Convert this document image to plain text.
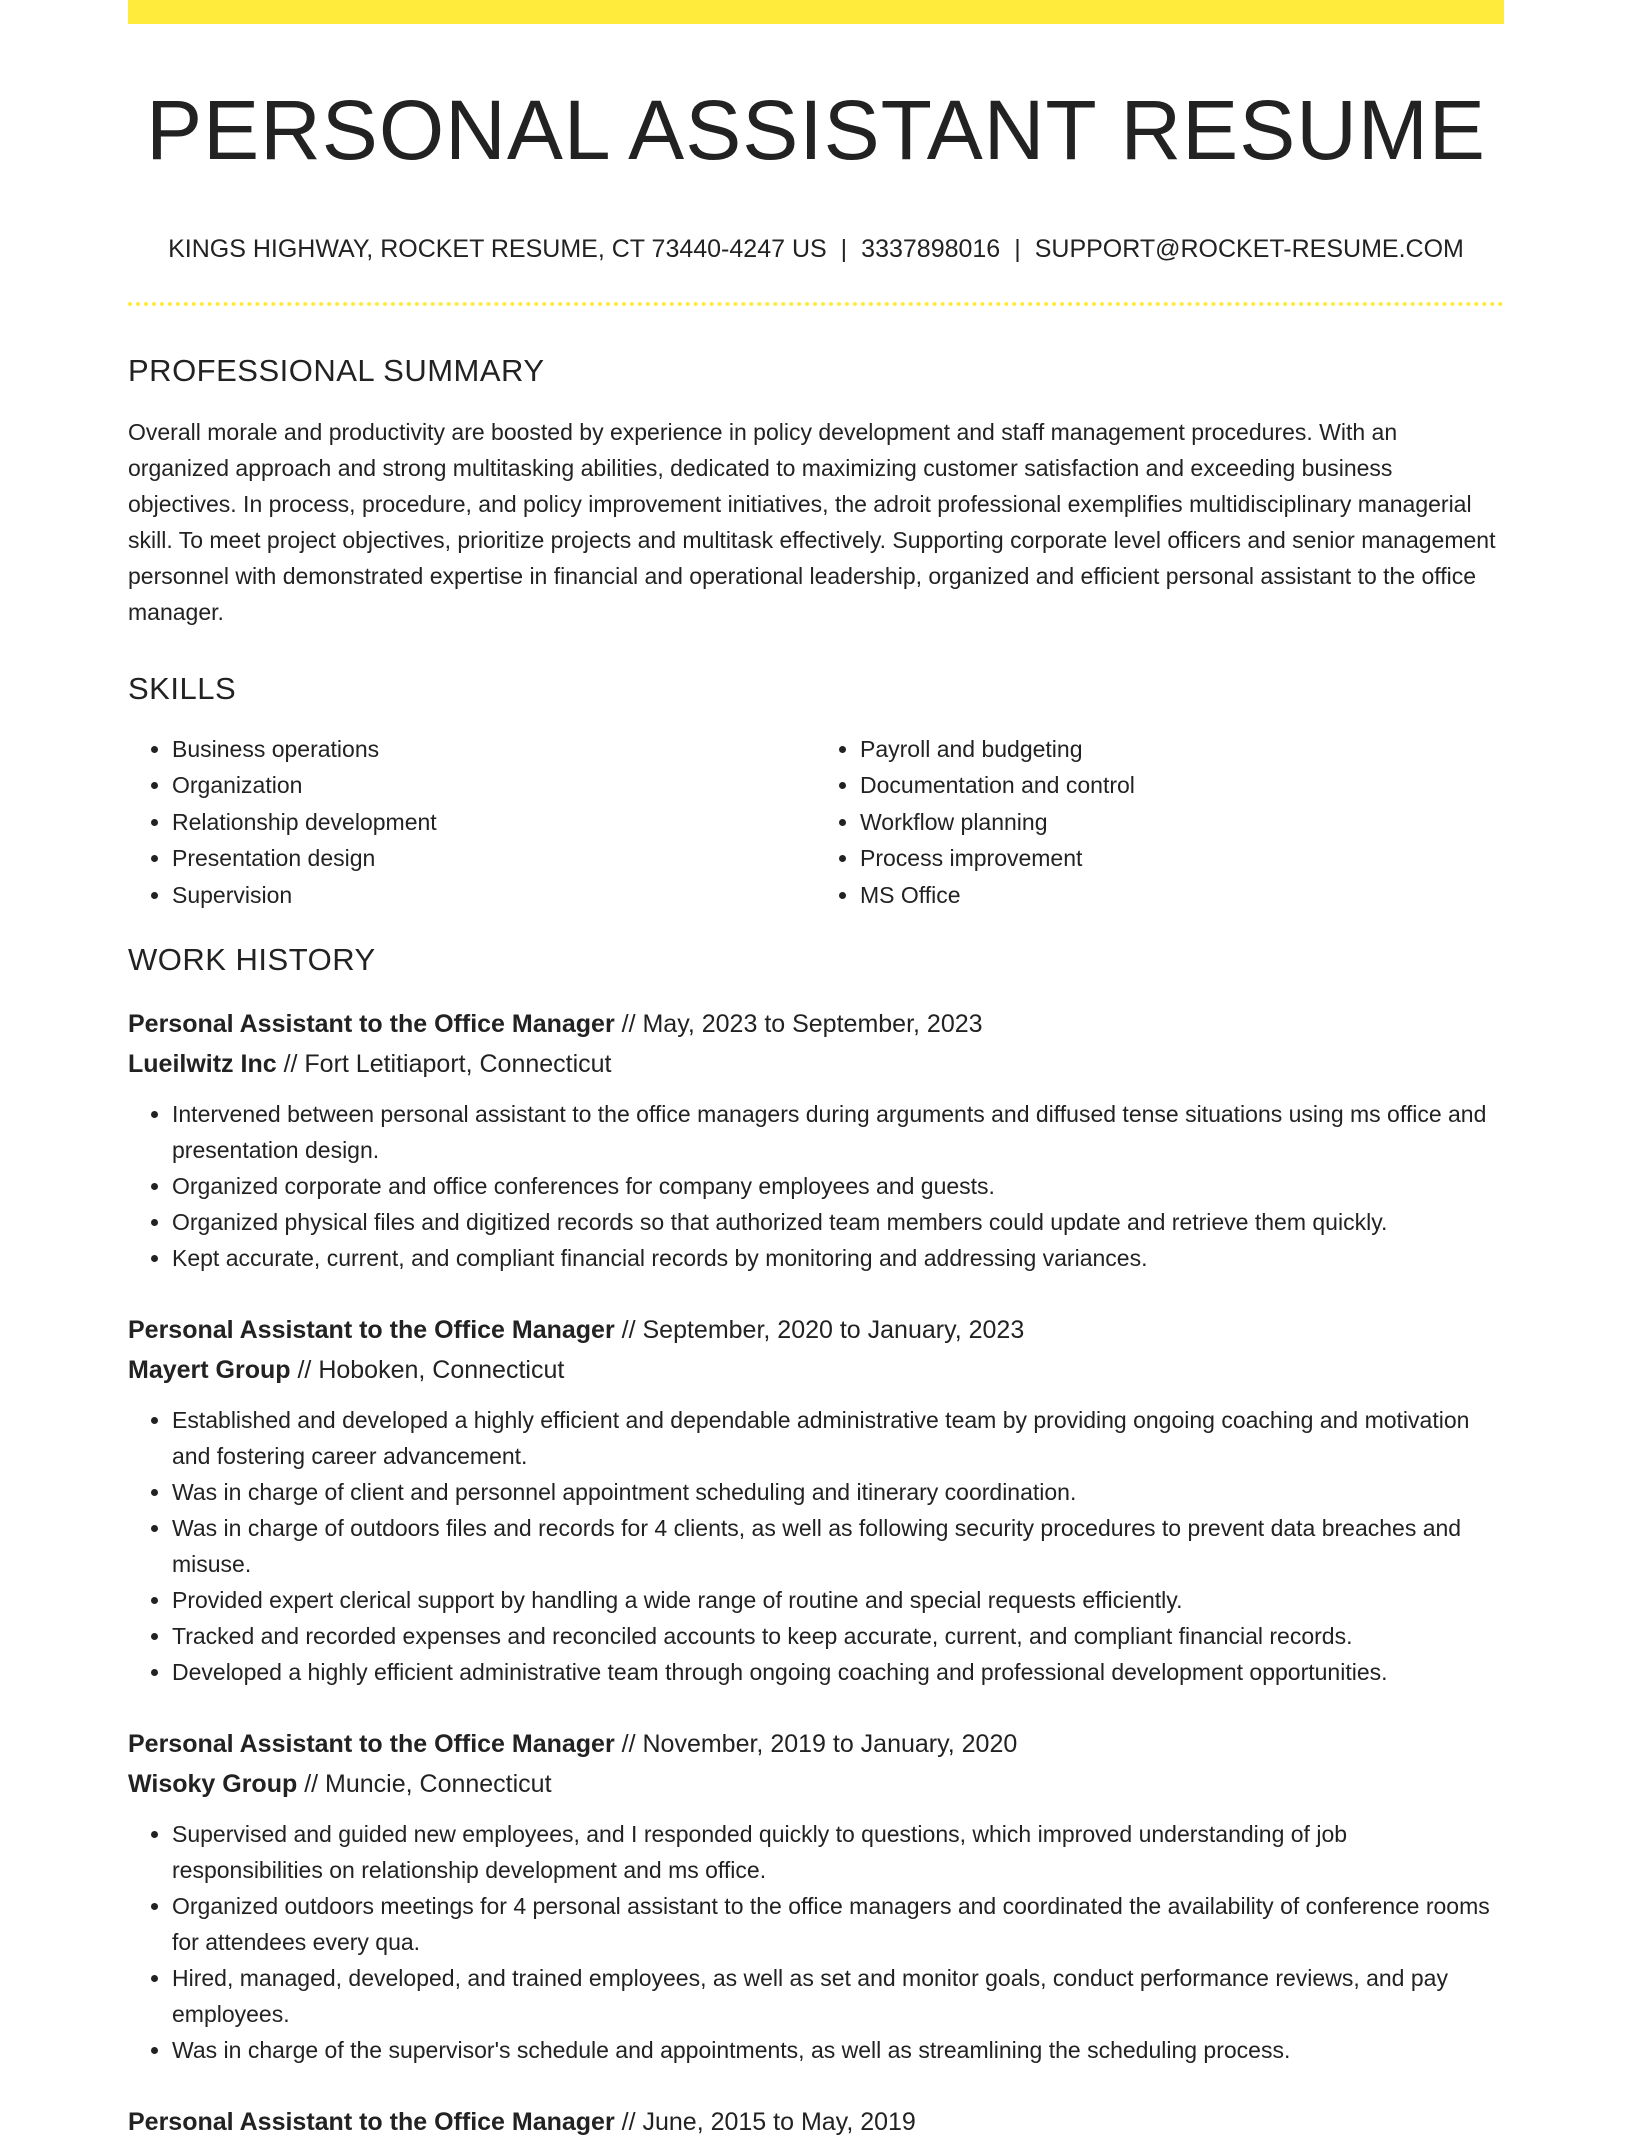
PERSONAL ASSISTANT RESUME
KINGS HIGHWAY, ROCKET RESUME, CT 73440-4247 US | 3337898016 | SUPPORT@ROCKET-RESUME.COM
PROFESSIONAL SUMMARY

Overall morale and productivity are boosted by experience in policy development and staff management procedures. With an organized approach and strong multitasking abilities, dedicated to maximizing customer satisfaction and exceeding business objectives. In process, procedure, and policy improvement initiatives, the adroit professional exemplifies multidisciplinary managerial skill. To meet project objectives, prioritize projects and multitask effectively. Supporting corporate level officers and senior management personnel with demonstrated expertise in financial and operational leadership, organized and efficient personal assistant to the office manager.

SKILLS
• Business operations
• Organization
• Relationship development
• Presentation design
• Supervision
• Payroll and budgeting
• Documentation and control
• Workflow planning
• Process improvement
• MS Office
WORK HISTORY
Personal Assistant to the Office Manager // May, 2023 to September, 2023
Lueilwitz Inc // Fort Letitiaport, Connecticut
• Intervened between personal assistant to the office managers during arguments and diffused tense situations using ms office and presentation design.
• Organized corporate and office conferences for company employees and guests.
• Organized physical files and digitized records so that authorized team members could update and retrieve them quickly.
• Kept accurate, current, and compliant financial records by monitoring and addressing variances.
Personal Assistant to the Office Manager // September, 2020 to January, 2023
Mayert Group // Hoboken, Connecticut
• Established and developed a highly efficient and dependable administrative team by providing ongoing coaching and motivation and fostering career advancement.
• Was in charge of client and personnel appointment scheduling and itinerary coordination.
• Was in charge of outdoors files and records for 4 clients, as well as following security procedures to prevent data breaches and misuse.
• Provided expert clerical support by handling a wide range of routine and special requests efficiently.
• Tracked and recorded expenses and reconciled accounts to keep accurate, current, and compliant financial records.
• Developed a highly efficient administrative team through ongoing coaching and professional development opportunities.
Personal Assistant to the Office Manager // November, 2019 to January, 2020
Wisoky Group // Muncie, Connecticut
• Supervised and guided new employees, and I responded quickly to questions, which improved understanding of job responsibilities on relationship development and ms office.
• Organized outdoors meetings for 4 personal assistant to the office managers and coordinated the availability of conference rooms for attendees every qua.
• Hired, managed, developed, and trained employees, as well as set and monitor goals, conduct performance reviews, and pay employees.
• Was in charge of the supervisor's schedule and appointments, as well as streamlining the scheduling process.
Personal Assistant to the Office Manager // June, 2015 to May, 2019
